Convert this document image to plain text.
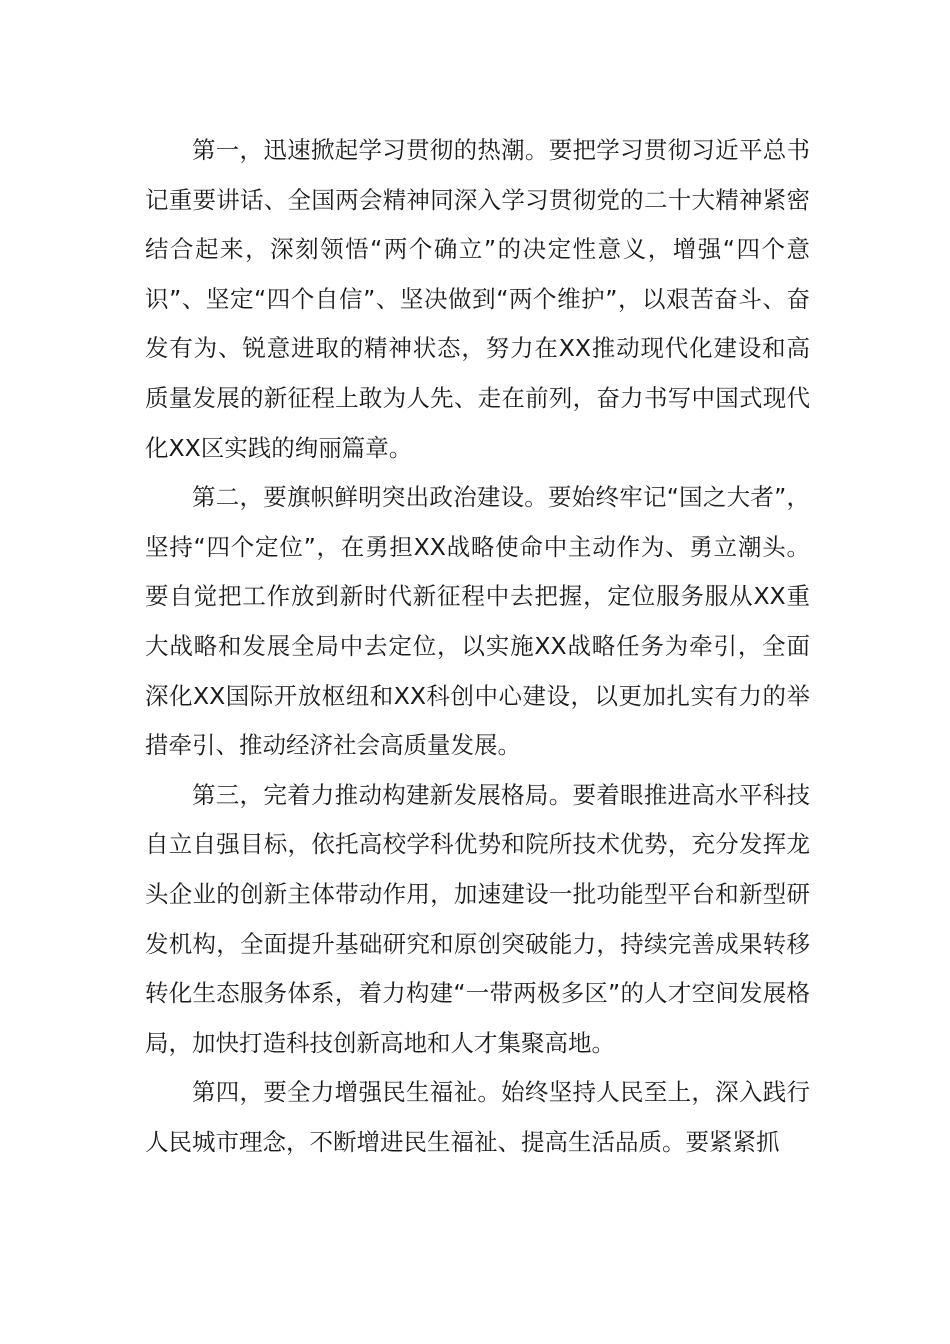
第一，迅速掀起学习贯彻的热潮。要把学习贯彻习近平总书记重要讲话、全国两会精神同深入学习贯彻党的二十大精神紧密结合起来，深刻领悟“两个确立”的决定性意义，增强“四个意识”、坚定“四个自信”、坚决做到“两个维护”，以艰苦奋斗、奋发有为、锐意进取的精神状态，努力在XX推动现代化建设和高质量发展的新征程上敢为人先、走在前列，奋力书写中国式现代化XX区实践的绚丽篇章。

第二，要旗帜鲜明突出政治建设。要始终牢记“国之大者”，坚持“四个定位”，在勇担XX战略使命中主动作为、勇立潮头。要自觉把工作放到新时代新征程中去把握，定位服务服从XX重大战略和发展全局中去定位，以实施XX战略任务为牵引，全面深化XX国际开放枢纽和XX科创中心建设，以更加扎实有力的举措牵引、推动经济社会高质量发展。

第三，完着力推动构建新发展格局。要着眼推进高水平科技自立自强目标，依托高校学科优势和院所技术优势，充分发挥龙头企业的创新主体带动作用，加速建设一批功能型平台和新型研发机构，全面提升基础研究和原创突破能力，持续完善成果转移转化生态服务体系，着力构建“一带两极多区”的人才空间发展格局，加快打造科技创新高地和人才集聚高地。

第四，要全力增强民生福祉。始终坚持人民至上，深入践行人民城市理念，不断增进民生福祉、提高生活品质。要紧紧抓
